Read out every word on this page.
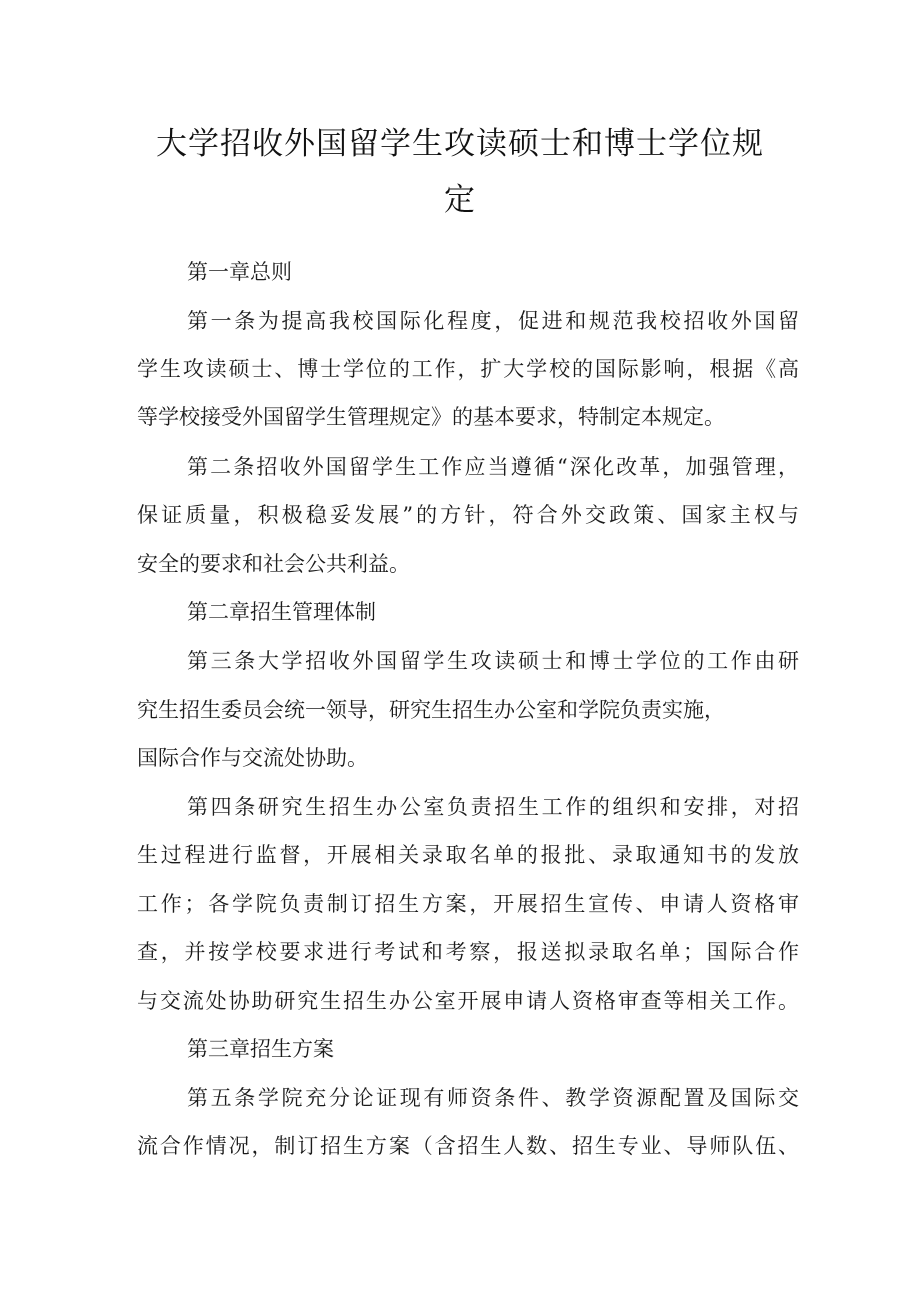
大学招收外国留学生攻读硕士和博士学位规
定
第一章总则
第一条为提高我校国际化程度，促进和规范我校招收外国留
学生攻读硕士、博士学位的工作，扩大学校的国际影响，根据《高
等学校接受外国留学生管理规定》的基本要求，特制定本规定。
第二条招收外国留学生工作应当遵循“深化改革，加强管理，
保证质量，积极稳妥发展”的方针，符合外交政策、国家主权与
安全的要求和社会公共利益。
第二章招生管理体制
第三条大学招收外国留学生攻读硕士和博士学位的工作由研
究生招生委员会统一领导，研究生招生办公室和学院负责实施，
国际合作与交流处协助。
第四条研究生招生办公室负责招生工作的组织和安排，对招
生过程进行监督，开展相关录取名单的报批、录取通知书的发放
工作；各学院负责制订招生方案，开展招生宣传、申请人资格审
查，并按学校要求进行考试和考察，报送拟录取名单；国际合作
与交流处协助研究生招生办公室开展申请人资格审查等相关工作。
第三章招生方案
第五条学院充分论证现有师资条件、教学资源配置及国际交
流合作情况，制订招生方案（含招生人数、招生专业、导师队伍、
